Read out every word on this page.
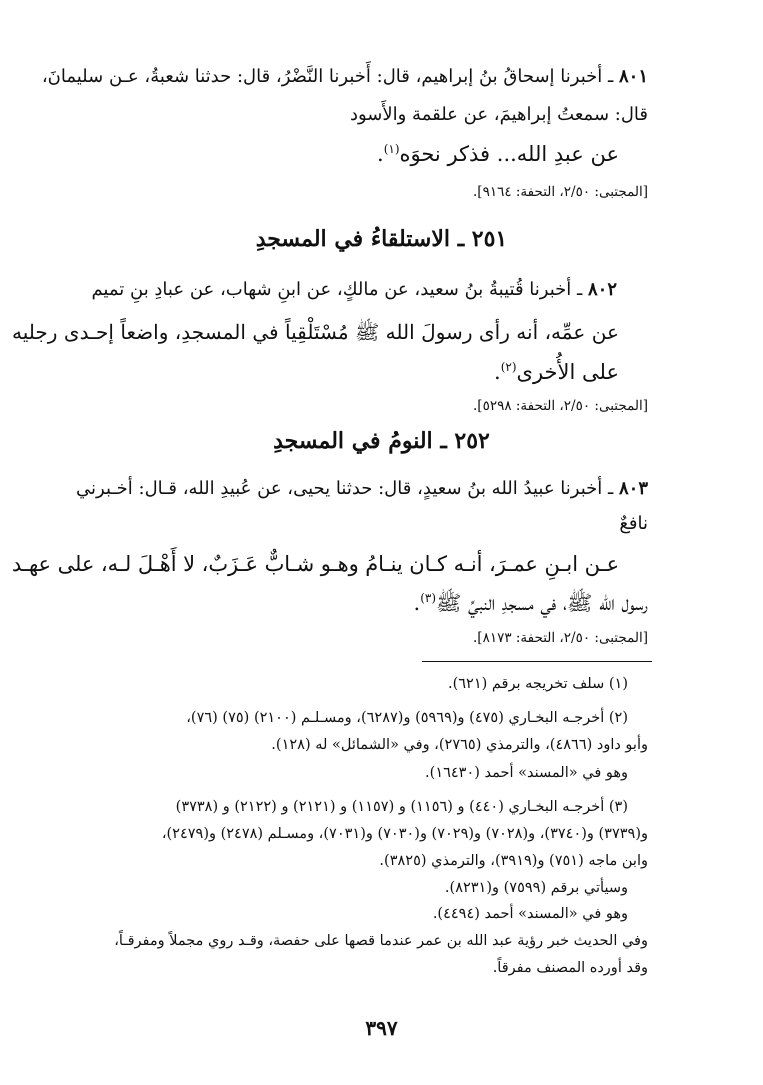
٨٠١ ـ أخبرنا إسحاقُ بنُ إبراهيم، قال: أَخبرنا النَّضْرُ، قال: حدثنا شعبةُ، عـن سليمانَ،
قال: سمعتُ إبراهيمَ، عن علقمة والأَسود
عن عبدِ الله... فذكر نحوَه$^{(١)}$.
[المجتبى: ٢/٥٠، التحفة: ٩١٦٤].
٢٥١ ـ الاستلقاءُ في المسجدِ
٨٠٢ ـ أخبرنا قُتيبةُ بنُ سعيد، عن مالكٍ، عن ابنِ شهاب، عن عبادِ بنِ تميم
عن عمِّه، أنه رأى رسولَ الله ﷺ مُسْتَلْقِياً في المسجدِ، واضعاً إحـدى رجليه
على الأُخرى$^{(٢)}$.
[المجتبى: ٢/٥٠، التحفة: ٥٢٩٨].
٢٥٢ ـ النومُ في المسجدِ
٨٠٣ ـ أخبرنا عبيدُ الله بنُ سعيدٍ، قال: حدثنا يحيى، عن عُبيدِ الله، قـال: أخـبرني
نافعٌ
عـن ابـنِ عمـرَ، أنـه كـان ينـامُ وهـو شـابٌّ عَـزَبٌ، لا أَهْـلَ لـه، على عهـد
رسول الله ﷺ، في مسجدِ النبيِّ ﷺ$^{(٣)}$.
[المجتبى: ٢/٥٠، التحفة: ٨١٧٣].
(١) سلف تخريجه برقم (٦٢١).
(٢) أخرجـه البخـاري (٤٧٥) و(٥٩٦٩) و(٦٢٨٧)، ومسـلـم (٢١٠٠) (٧٥) (٧٦)،
وأبو داود (٤٨٦٦)، والترمذي (٢٧٦٥)، وفي «الشمائل» له (١٢٨).
وهو في «المسند» أحمد (١٦٤٣٠).
(٣) أخرجـه البخـاري (٤٤٠) و (١١٥٦) و (١١٥٧) و (٢١٢١) و (٢١٢٢) و (٣٧٣٨)
و(٣٧٣٩) و(٣٧٤٠)، و(٧٠٢٨) و(٧٠٢٩) و(٧٠٣٠) و(٧٠٣١)، ومسـلم (٢٤٧٨) و(٢٤٧٩)،
وابن ماجه (٧٥١) و(٣٩١٩)، والترمذي (٣٨٢٥).
وسيأتي برقم (٧٥٩٩) و(٨٢٣١).
وهو في «المسند» أحمد (٤٤٩٤).
وفي الحديث خبر رؤية عبد الله بن عمر عندما قصها على حفصة، وقـد روي مجملاً ومفرقـاً،
وقد أورده المصنف مفرقاً.
٣٩٧
